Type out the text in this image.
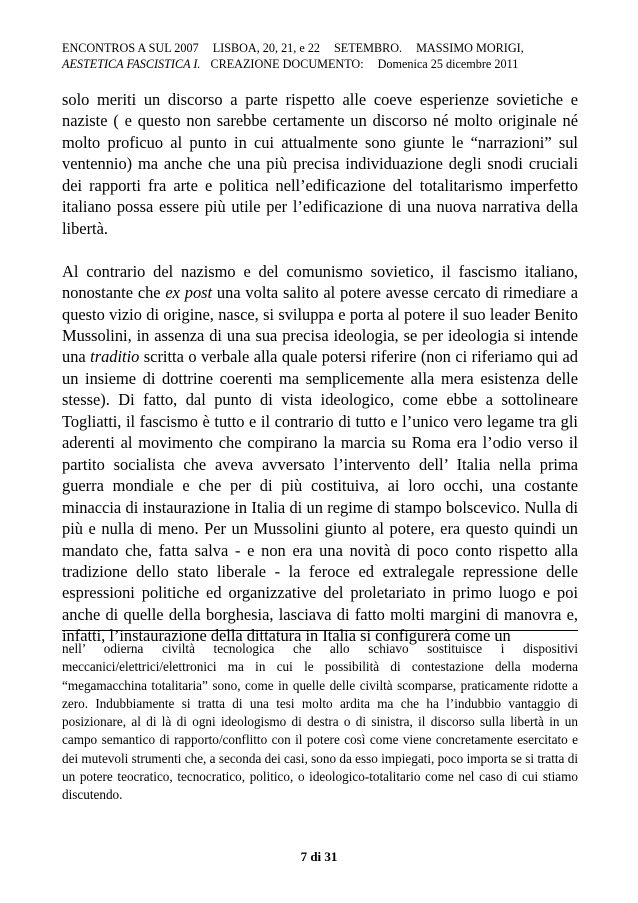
ENCONTROS A SUL 2007 LISBOA, 20, 21, e 22 SETEMBRO. MASSIMO MORIGI,
AESTETICA FASCISTICA I. CREAZIONE DOCUMENTO: Domenica 25 dicembre 2011

solo meriti un discorso a parte rispetto alle coeve esperienze sovietiche e naziste ( e questo non sarebbe certamente un discorso né molto originale né molto proficuo al punto in cui attualmente sono giunte le “narrazioni” sul ventennio) ma anche che una più precisa individuazione degli snodi cruciali dei rapporti fra arte e politica nell’edificazione del totalitarismo imperfetto italiano possa essere più utile per l’edificazione di una nuova narrativa della libertà.

Al contrario del nazismo e del comunismo sovietico, il fascismo italiano, nonostante che ex post una volta salito al potere avesse cercato di rimediare a questo vizio di origine, nasce, si sviluppa e porta al potere il suo leader Benito Mussolini, in assenza di una sua precisa ideologia, se per ideologia si intende una traditio scritta o verbale alla quale potersi riferire (non ci riferiamo qui ad un insieme di dottrine coerenti ma semplicemente alla mera esistenza delle stesse). Di fatto, dal punto di vista ideologico, come ebbe a sottolineare Togliatti, il fascismo è tutto e il contrario di tutto e l’unico vero legame tra gli aderenti al movimento che compirano la marcia su Roma era l’odio verso il partito socialista che aveva avversato l’intervento dell’ Italia nella prima guerra mondiale e che per di più costituiva, ai loro occhi, una costante minaccia di instaurazione in Italia di un regime di stampo bolscevico. Nulla di più e nulla di meno. Per un Mussolini giunto al potere, era questo quindi un mandato che, fatta salva - e non era una novità di poco conto rispetto alla tradizione dello stato liberale - la feroce ed extralegale repressione delle espressioni politiche ed organizzative del proletariato in primo luogo e poi anche di quelle della borghesia, lasciava di fatto molti margini di manovra e, infatti, l’instaurazione della dittatura in Italia si configurerà come un

nell’ odierna civiltà tecnologica che allo schiavo sostituisce i dispositivi meccanici/elettrici/elettronici ma in cui le possibilità di contestazione della moderna “megamacchina totalitaria” sono, come in quelle delle civiltà scomparse, praticamente ridotte a zero. Indubbiamente si tratta di una tesi molto ardita ma che ha l’indubbio vantaggio di posizionare, al di là di ogni ideologismo di destra o di sinistra, il discorso sulla libertà in un campo semantico di rapporto/conflitto con il potere così come viene concretamente esercitato e dei mutevoli strumenti che, a seconda dei casi, sono da esso impiegati, poco importa se si tratta di un potere teocratico, tecnocratico, politico, o ideologico-totalitario come nel caso di cui stiamo discutendo.

7 di 31
